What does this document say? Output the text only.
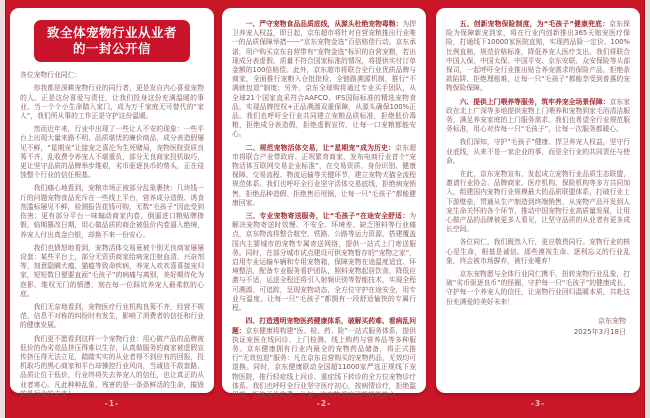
致全体宠物行业从业者
的一封公开信

各位宠物行业同仁：

你我都是深耕宠物行业的同行者，更是发自内心喜爱宠物的人。正是这份喜爱与责任，让我们投身这份充满温暖的事业。当一个个小生命踏入家门，成为万千家庭无可替代的“家人”，我们所从事的工作正是守护这份温暖。

然而近年来，行业中出现了一些让人不安的现象：一些平台上出现大量来路不明、品质堪忧的廉价商品，成分表造假屡见不鲜，“星期宠”让接宠之喜沦为生死赌局，宠物医院资质良莠不齐，乱收费令养宠人不堪重负，部分无良商家投机取巧，更让坚守品质的品牌举步维艰，劣币驱逐良币的势头，正在侵蚀整个行业的信任根基。

我们痛心地看到，宠粮市场正被部分乱象裹挟：几块钱一斤的问题宠物食品充斥在一些线上平台，营养成分造假、诱食剂滥标屡见不鲜，检测报告花钱可购，无数“毛孩子”因此受到伤害；更有部分平台一味煽动商家内卷，倒逼进口粮贴牌掺假、临期篡改日期，用心做品质的商企被低价内卷逼入绝境，养宠人付出真金白银，却换不来一份安心。

我们也愤怒地看到，宠物活体交易竟被个别无良商家屡屡设套：某些平台上，部分无资质商家给病宠注射血清、兴奋剂等，刻意隐瞒犬瘟、猫瘟等致命疾病，养宠人欢欢喜喜接宠归家，短短数日便要直面“毛孩子”的病痛与离别，美好期待化为泡影，维权无门的愤懑，刻在每一位踩坑养宠人最柔软的心底。

我们无奈地看到，宠物医疗行业机构良莠不齐，经营不规范、信息不对称的纠纷时有发生，影响了消费者的信任和行业的健康发展。

我们更不愿看到这样一个宠物行业：用心做产品的品牌被低价的伪劣竞品挤压得难以生存，认真做服务的商家被虚假宣传挤压得无法立足，踏踏实实的从业者得不到应有的回报，投机取巧的黑心商家和平台却操控行业风向，当诚信不敌套路、品质让位于低价，行业终将失去养宠人的信任，也让真正的从业者寒心。凡此种种乱象，残害的是一条条鲜活的生命，摧毁的是行业的未来！

一、严守宠物食品品质底线，从源头杜绝宠物毒粮：为捍卫养宠人权益，即日起，京东超市将针对自营宠粮推出行业唯一的品质保障举措——“京东宠物金选”百倍赔偿行动。京东承诺，用户购买京东自营带有“宠物金选”标识的自营宠粮，若出现成分表虚假、质量不符合国家标准的情况，将提供实付订单金额的100倍赔偿。此外，京东超市将联合全行业优质品牌与商家，全面推行宠粮入仓批批检、全链路溯源机制，推行“不满就包退”制度；另外，京东全球购将通过专业买手团队，从全球21个国家直采符合AAFCO、IFS国际标准的精选宠物食品，实现品牌授权+正品溯源双重保障，从源头确保100%正品。我们也呼吁全行业共同建立宠粮品质标准，拒绝低价毒粮，拒绝成分表造假，拒绝虚假宣传，让每一口宠粮都能安心。

二、规范宠物活体交易，让“星期宠”成为历史：京东超市将联合产业带政府、正规繁育商家，发布电商行业首个“宠物活体互联网交易企业标准”，在交易资质、身份识别、健康保障、交易流程、物流运输等关键环节，建立宠物犬猫全流程规范体系。我们也呼吁全行业坚守活体交易底线，拒绝病宠销售，拒绝品种造假、拒绝售后甩锅，让每一只“毛孩子”都能健康回家。

三、专业宠物寄送服务，让“毛孩子”在途安全舒适：为解决宠物寄送时效慢、不安全、环境差、缺乏照料等行业痛点，京东物流将整合航空、铁路、公路等运力资源，搭建覆盖国内主要城市的宠物专属寄送网络，提供一站式上门寄送服务。同时，在部分城市试点建设可供宠物暂存的“宠物之家”，启用专业运输车辆和专用宠物箱，保障宠物在途温度适宜、环境整洁，配备专业服务看护团队，照料宠物起居饮食，降低应激与不适，运送全程还将引入射频识别等智能技术，实现全程可溯源、可追踪，呈现宠物动态，全方位守护在途安全，用专业与温度，让每一只“毛孩子”都拥有一段舒适愉快的专属行程。

四、打造透明宠物医药健康体系，破解买药难、看病乱问题：京东健康将构建“医、检、药、险”一站式服务体系，提供执证宠医在线问诊、上门检测、线上购药与营养品等多种服务。京东健康拥有行业内最全的宠物药品储备，将正式推行“无效包退”服务：凡在京东自营购买的宠物药品，无效均可退换。同时，京东健康联动全国超11000家严选正规线下宠物医院，推行轻症线上问诊、重症线下转诊的全方位宠物诊疗体系。我们也呼吁全行业坚守医疗初心，按病情诊疗，拒绝滥用药，拒绝天价收费，让每一次宠物看病买药都能放心。

五、创新宠物保险制度，为“毛孩子”健康兜底：京东保险为保障新宠到家，将在行业内创新推出365天赔宠医疗保险，打通线下10000家医院直赔，实现药品险一定价、100%比例直赔，规范价格标准，降低养宠人医疗支出。我们将联合中国人保、中国太保、中国平安、京东安联、众安保险等头部保司，一起呼吁全行业推出贴合养宠需求的保险产品，拒绝条款陷阱、拒绝理赔难，让每一只“毛孩子”都能享受到普惠的宠物保险保障。

六、提供上门喂养等服务，筑牢养宠全场景保障：京东家政在北上广深等多地提供宠物上门喂养和宠物到家毛浴清洁服务，满足养宠家庭的上门服务需求。我们也希望全行业规范服务标准，用心对待每一只“毛孩子”，让每一次服务都暖心。

我们深知，守护“毛孩子”健康、捍卫养宠人权益，坚守行业底线，从来不是一家企业的事，而是全行业的共同责任与使命。

在此，京东宠物宣布，发起成立宠物行业品质生态联盟，邀请行业协会、品牌商家、医疗机构、保险机构等多方共同加入，组建国内宠物行业规模最大的品质联盟体系，打破行业上下游壁垒，贯通从生产制造到终端销售、从宠物产品开发到人宠生命关怀的各个环节，推动中国宠物行业高质量发展，让用心做产品的品牌被更多人看见，让坚守品质的从业者有更多成长空间。

各位同仁，我们既然入行，更应敬畏同行。宠物行业的核心是生命，根基是诚信。那些漠视生命、逐利忘义的行业乱象，终会被市场摒弃，被行业唾弃！

京东宠物愿与全体行业同仁携手，扭转宠物行业乱象，打破“劣币驱逐良币”的怪圈，守护每一只“毛孩子”的健康成长，守护每一个养宠人的信任，让宠物行业回归温暖本质，共赴这份充满爱的美好未来！

京东宠物
2025年3月18日
-1-	-2-	-3-
